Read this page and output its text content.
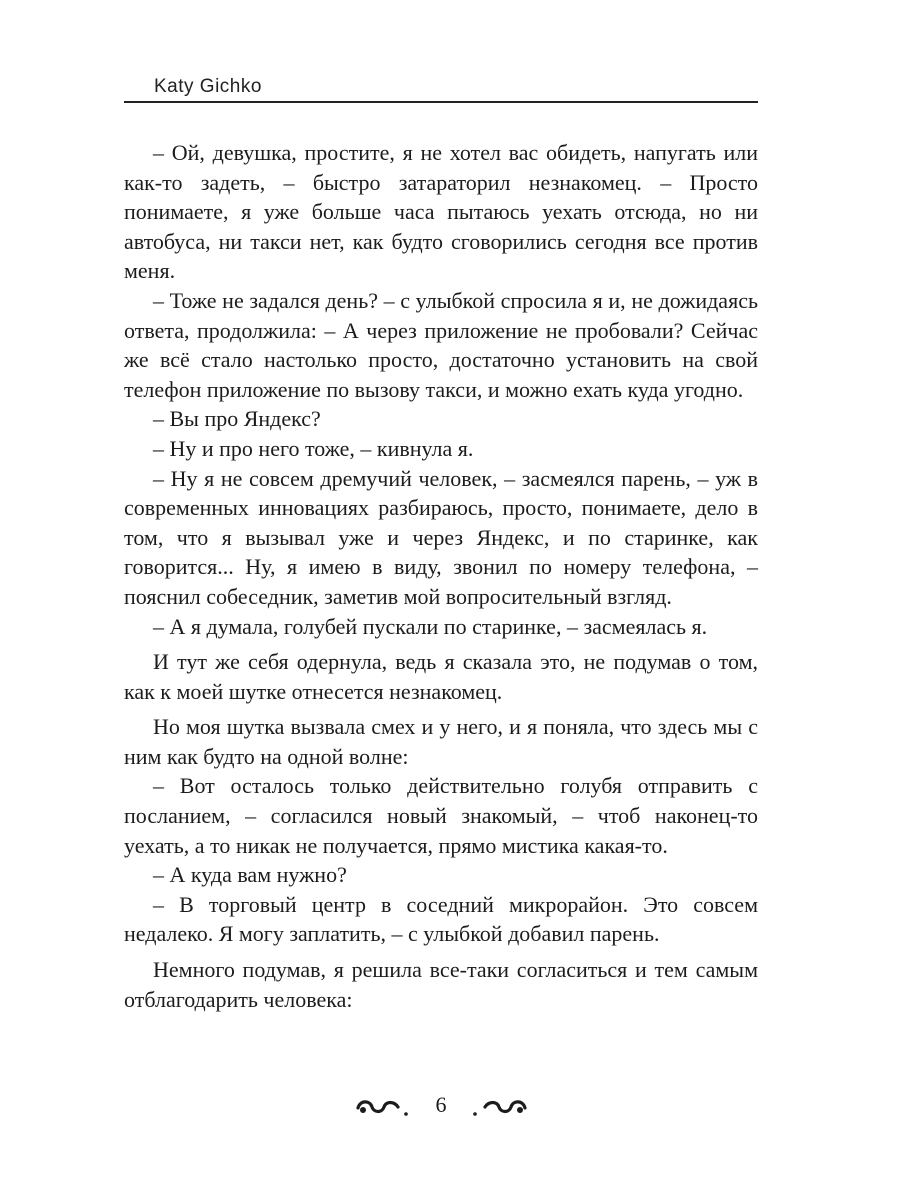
Katy Gichko

– Ой, девушка, простите, я не хотел вас обидеть, напугать или как-то задеть, – быстро затараторил незнакомец. – Просто понимаете, я уже больше часа пытаюсь уехать отсюда, но ни автобуса, ни такси нет, как будто сговорились сегодня все против меня.

– Тоже не задался день? – с улыбкой спросила я и, не дожидаясь ответа, продолжила: – А через приложение не пробовали? Сейчас же всё стало настолько просто, достаточно установить на свой телефон приложение по вызову такси, и можно ехать куда угодно.

– Вы про Яндекс?

– Ну и про него тоже, – кивнула я.

– Ну я не совсем дремучий человек, – засмеялся парень, – уж в современных инновациях разбираюсь, просто, понимаете, дело в том, что я вызывал уже и через Яндекс, и по старинке, как говорится... Ну, я имею в виду, звонил по номеру телефона, – пояснил собеседник, заметив мой вопросительный взгляд.

– А я думала, голубей пускали по старинке, – засмеялась я.

И тут же себя одернула, ведь я сказала это, не подумав о том, как к моей шутке отнесется незнакомец.

Но моя шутка вызвала смех и у него, и я поняла, что здесь мы с ним как будто на одной волне:

– Вот осталось только действительно голубя отправить с посланием, – согласился новый знакомый, – чтоб наконец-то уехать, а то никак не получается, прямо мистика какая-то.

– А куда вам нужно?

– В торговый центр в соседний микрорайон. Это совсем недалеко. Я могу заплатить, – с улыбкой добавил парень.

Немного подумав, я решила все-таки согласиться и тем самым отблагодарить человека:

6
